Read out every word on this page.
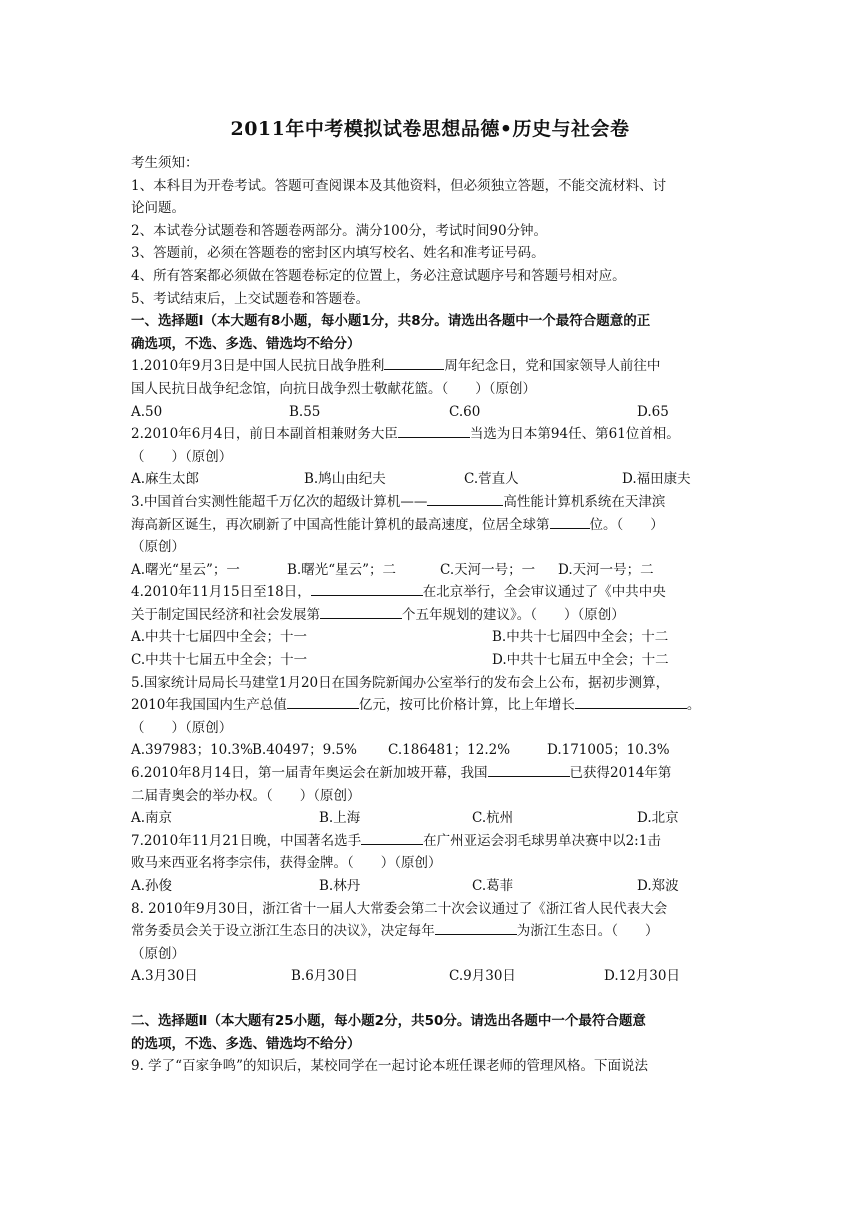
2011年中考模拟试卷思想品德•历史与社会卷
考生须知：
1、本科目为开卷考试。答题可查阅课本及其他资料，但必须独立答题，不能交流材料、讨
论问题。
2、本试卷分试题卷和答题卷两部分。满分100分，考试时间90分钟。
3、答题前，必须在答题卷的密封区内填写校名、姓名和准考证号码。
4、所有答案都必须做在答题卷标定的位置上，务必注意试题序号和答题号相对应。
5、考试结束后，上交试题卷和答题卷。
一、选择题Ⅰ（本大题有8小题，每小题1分，共8分。请选出各题中一个最符合题意的正
确选项，不选、多选、错选均不给分）
1.2010年9月3日是中国人民抗日战争胜利	周年纪念日，党和国家领导人前往中
国人民抗日战争纪念馆，向抗日战争烈士敬献花篮。（　　）（原创）
A.50	B.55	C.60	D.65
2.2010年6月4日，前日本副首相兼财务大臣	当选为日本第94任、第61位首相。
（　　）（原创）
A.麻生太郎	B.鸠山由纪夫	C.菅直人	D.福田康夫
3.中国首台实测性能超千万亿次的超级计算机——	高性能计算机系统在天津滨
海高新区诞生，再次刷新了中国高性能计算机的最高速度，位居全球第	位。（　　）
（原创）
A.曙光“星云”；一	B.曙光“星云”；二	C.天河一号；一	D.天河一号；二
4.2010年11月15日至18日，	在北京举行，全会审议通过了《中共中央
关于制定国民经济和社会发展第	个五年规划的建议》。（　　）（原创）
A.中共十七届四中全会；十一	B.中共十七届四中全会；十二
C.中共十七届五中全会；十一	D.中共十七届五中全会；十二
5.国家统计局局长马建堂1月20日在国务院新闻办公室举行的发布会上公布，据初步测算，
2010年我国国内生产总值	亿元，按可比价格计算，比上年增长	。
（　　）（原创）
A.397983；10.3% B.40497；9.5%	C.186481；12.2%	D.171005；10.3%
6.2010年8月14日，第一届青年奥运会在新加坡开幕，我国	已获得2014年第
二届青奥会的举办权。（　　）（原创）
A.南京	B.上海	C.杭州	D.北京
7.2010年11月21日晚，中国著名选手	在广州亚运会羽毛球男单决赛中以2:1击
败马来西亚名将李宗伟，获得金牌。（　　）（原创）
A.孙俊	B.林丹	C.葛菲	D.郑波
8. 2010年9月30日，浙江省十一届人大常委会第二十次会议通过了《浙江省人民代表大会
常务委员会关于设立浙江生态日的决议》，决定每年	为浙江生态日。（　　）
（原创）
A.3月30日	B.6月30日	C.9月30日	D.12月30日
二、选择题Ⅱ（本大题有25小题，每小题2分，共50分。请选出各题中一个最符合题意
的选项，不选、多选、错选均不给分）
9. 学了“百家争鸣”的知识后，某校同学在一起讨论本班任课老师的管理风格。下面说法
